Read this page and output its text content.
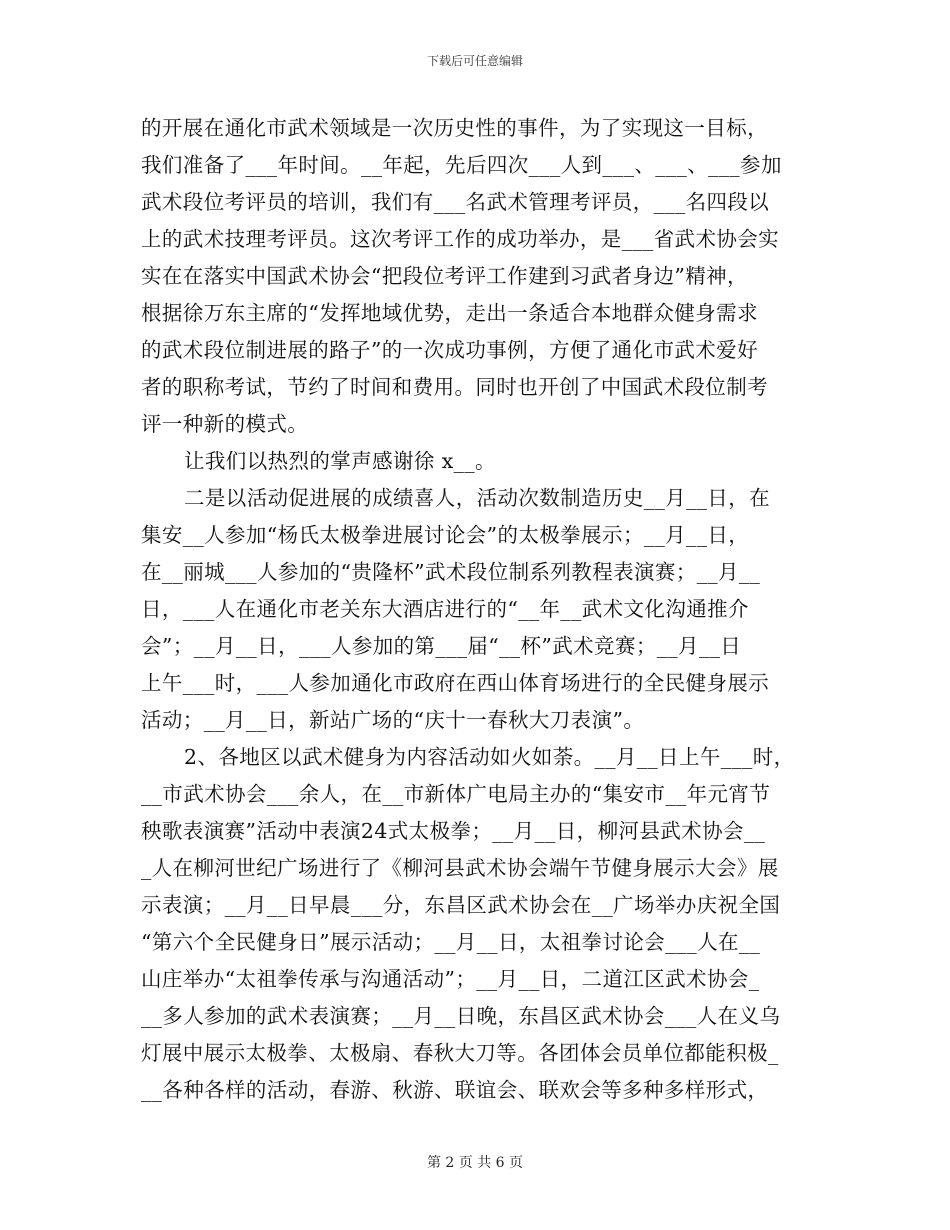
下载后可任意编辑
的开展在通化市武术领域是一次历史性的事件，为了实现这一目标，
我们准备了___年时间。__年起，先后四次___人到___、___、___参加
武术段位考评员的培训，我们有___名武术管理考评员，___名四段以
上的武术技理考评员。这次考评工作的成功举办，是___省武术协会实
实在在落实中国武术协会“把段位考评工作建到习武者身边”精神，
根据徐万东主席的“发挥地域优势，走出一条适合本地群众健身需求
的武术段位制进展的路子”的一次成功事例，方便了通化市武术爱好
者的职称考试，节约了时间和费用。同时也开创了中国武术段位制考
评一种新的模式。
让我们以热烈的掌声感谢徐 x__。
二是以活动促进展的成绩喜人，活动次数制造历史__月__日，在
集安__人参加“杨氏太极拳进展讨论会”的太极拳展示；__月__日，
在__丽城___人参加的“贵隆杯”武术段位制系列教程表演赛；__月__
日，___人在通化市老关东大酒店进行的“__年__武术文化沟通推介
会”；__月__日，___人参加的第___届“__杯”武术竞赛；__月__日
上午___时，___人参加通化市政府在西山体育场进行的全民健身展示
活动；__月__日，新站广场的“庆十一春秋大刀表演”。
2、各地区以武术健身为内容活动如火如荼。__月__日上午___时，
__市武术协会___余人，在__市新体广电局主办的“集安市__年元宵节
秧歌表演赛”活动中表演24式太极拳；__月__日，柳河县武术协会__
_人在柳河世纪广场进行了《柳河县武术协会端午节健身展示大会》展
示表演；__月__日早晨___分，东昌区武术协会在__广场举办庆祝全国
“第六个全民健身日”展示活动；__月__日，太祖拳讨论会___人在__
山庄举办“太祖拳传承与沟通活动”；__月__日，二道江区武术协会_
__多人参加的武术表演赛；__月__日晚，东昌区武术协会___人在义乌
灯展中展示太极拳、太极扇、春秋大刀等。各团体会员单位都能积极_
__各种各样的活动，春游、秋游、联谊会、联欢会等多种多样形式，
第 2 页 共 6 页
